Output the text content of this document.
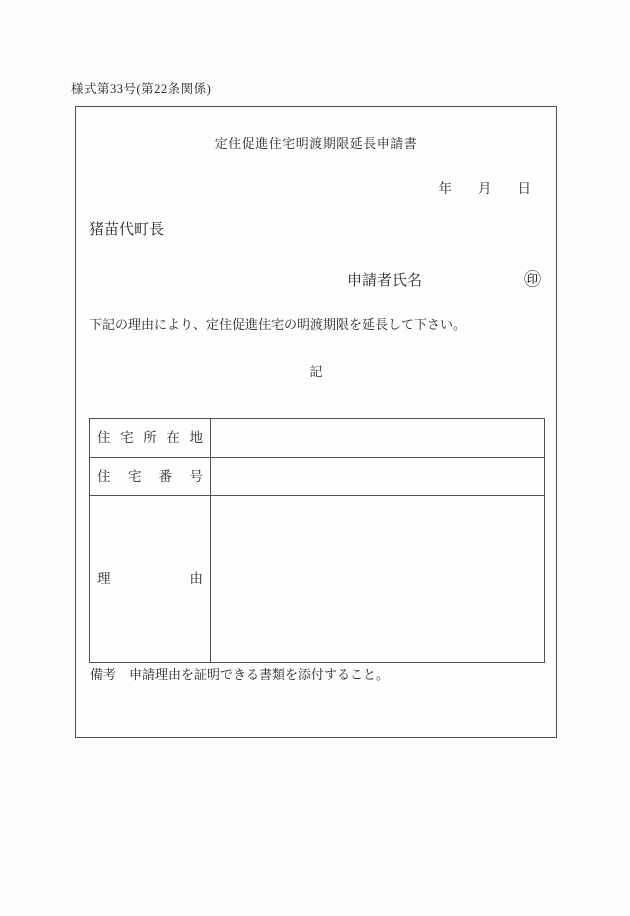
様式第33号(第22条関係)
定住促進住宅明渡期限延長申請書
年 月 日
猪苗代町長
申請者氏名	㊞
下記の理由により、定住促進住宅の明渡期限を延長して下さい。
記
住 宅 所 在 地
住 宅 番 号
理 由
備考 申請理由を証明できる書類を添付すること。
